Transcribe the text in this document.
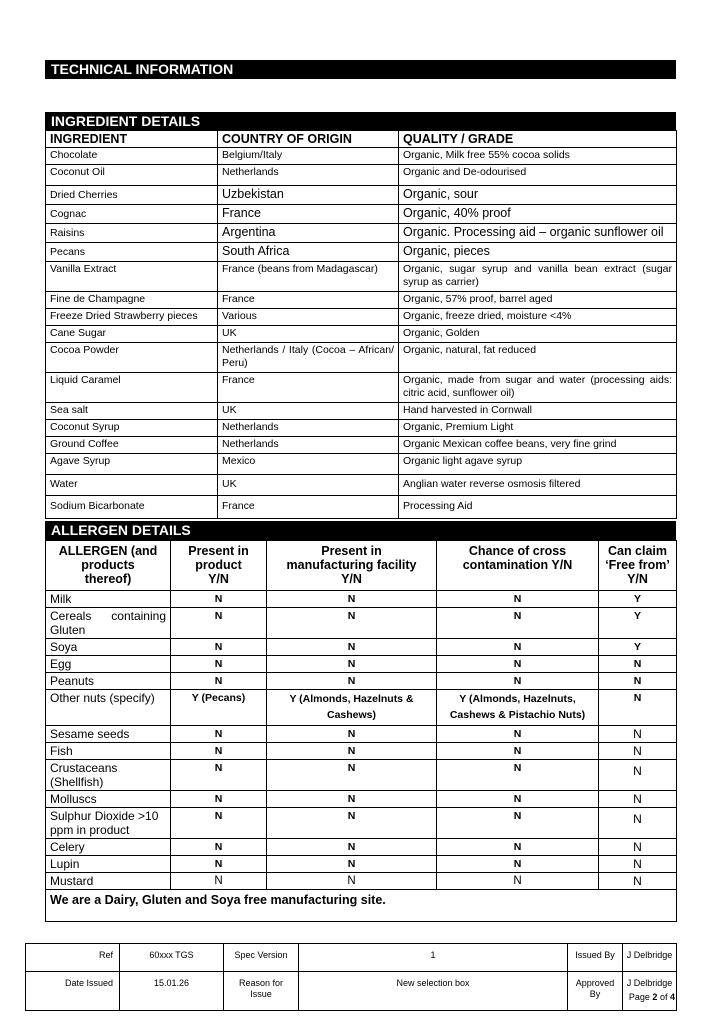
TECHNICAL INFORMATION
INGREDIENT DETAILS
INGREDIENT	COUNTRY OF ORIGIN	QUALITY / GRADE
Chocolate	Belgium/Italy	Organic, Milk free 55% cocoa solids
Coconut Oil	Netherlands	Organic and De-odourised
Dried Cherries	Uzbekistan	Organic, sour
Cognac	France	Organic, 40% proof
Raisins	Argentina	Organic. Processing aid – organic sunflower oil
Pecans	South Africa	Organic, pieces
Vanilla Extract	France (beans from Madagascar)	Organic, sugar syrup and vanilla bean extract (sugar syrup as carrier)
Fine de Champagne	France	Organic, 57% proof, barrel aged
Freeze Dried Strawberry pieces	Various	Organic, freeze dried, moisture <4%
Cane Sugar	UK	Organic, Golden
Cocoa Powder	Netherlands / Italy (Cocoa – African/ Peru)	Organic, natural, fat reduced
Liquid Caramel	France	Organic, made from sugar and water (processing aids: citric acid, sunflower oil)
Sea salt	UK	Hand harvested in Cornwall
Coconut Syrup	Netherlands	Organic, Premium Light
Ground Coffee	Netherlands	Organic Mexican coffee beans, very fine grind
Agave Syrup	Mexico	Organic light agave syrup
Water	UK	Anglian water reverse osmosis filtered
Sodium Bicarbonate	France	Processing Aid
ALLERGEN DETAILS
ALLERGEN (and products thereof)	Present in product Y/N	Present in manufacturing facility Y/N	Chance of cross contamination Y/N	Can claim ‘Free from’ Y/N
Milk	N	N	N	Y

Cereals containing Gluten	N	N	N	Y
Soya	N	N	N	Y
Egg	N	N	N	N
Peanuts	N	N	N	N
Other nuts (specify)	Y (Pecans)	Y (Almonds, Hazelnuts & Cashews)	Y (Almonds, Hazelnuts, Cashews & Pistachio Nuts)	N
Sesame seeds	N	N	N	N
Fish	N	N	N	N
Crustaceans (Shellfish)	N	N	N	N
Molluscs	N	N	N	N
Sulphur Dioxide >10 ppm in product	N	N	N	N
Celery	N	N	N	N
Lupin	N	N	N	N
Mustard	N	N	N	N
We are a Dairy, Gluten and Soya free manufacturing site.				
Ref	60xxx TGS	Spec Version	1	Issued By	J Delbridge
Date Issued	15.01.26	Reason for Issue	New selection box	Approved By	J Delbridge
Page 2 of 4
